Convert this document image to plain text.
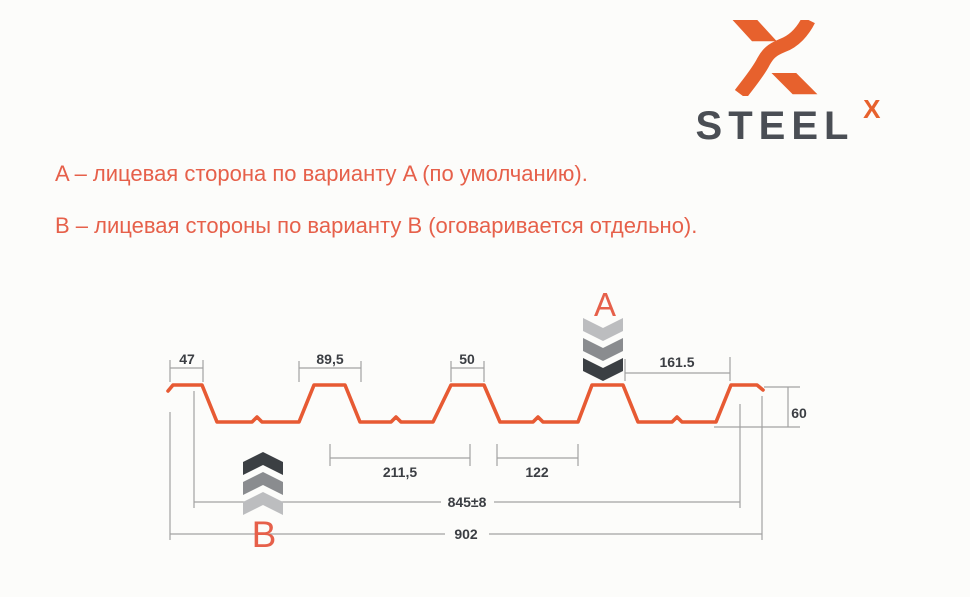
STEEL X

A – лицевая сторона по варианту A (по умолчанию).

B – лицевая стороны по варианту B (оговаривается отдельно).

47	89,5	50	161.5
60
211,5	122
845±8
902
A
B
